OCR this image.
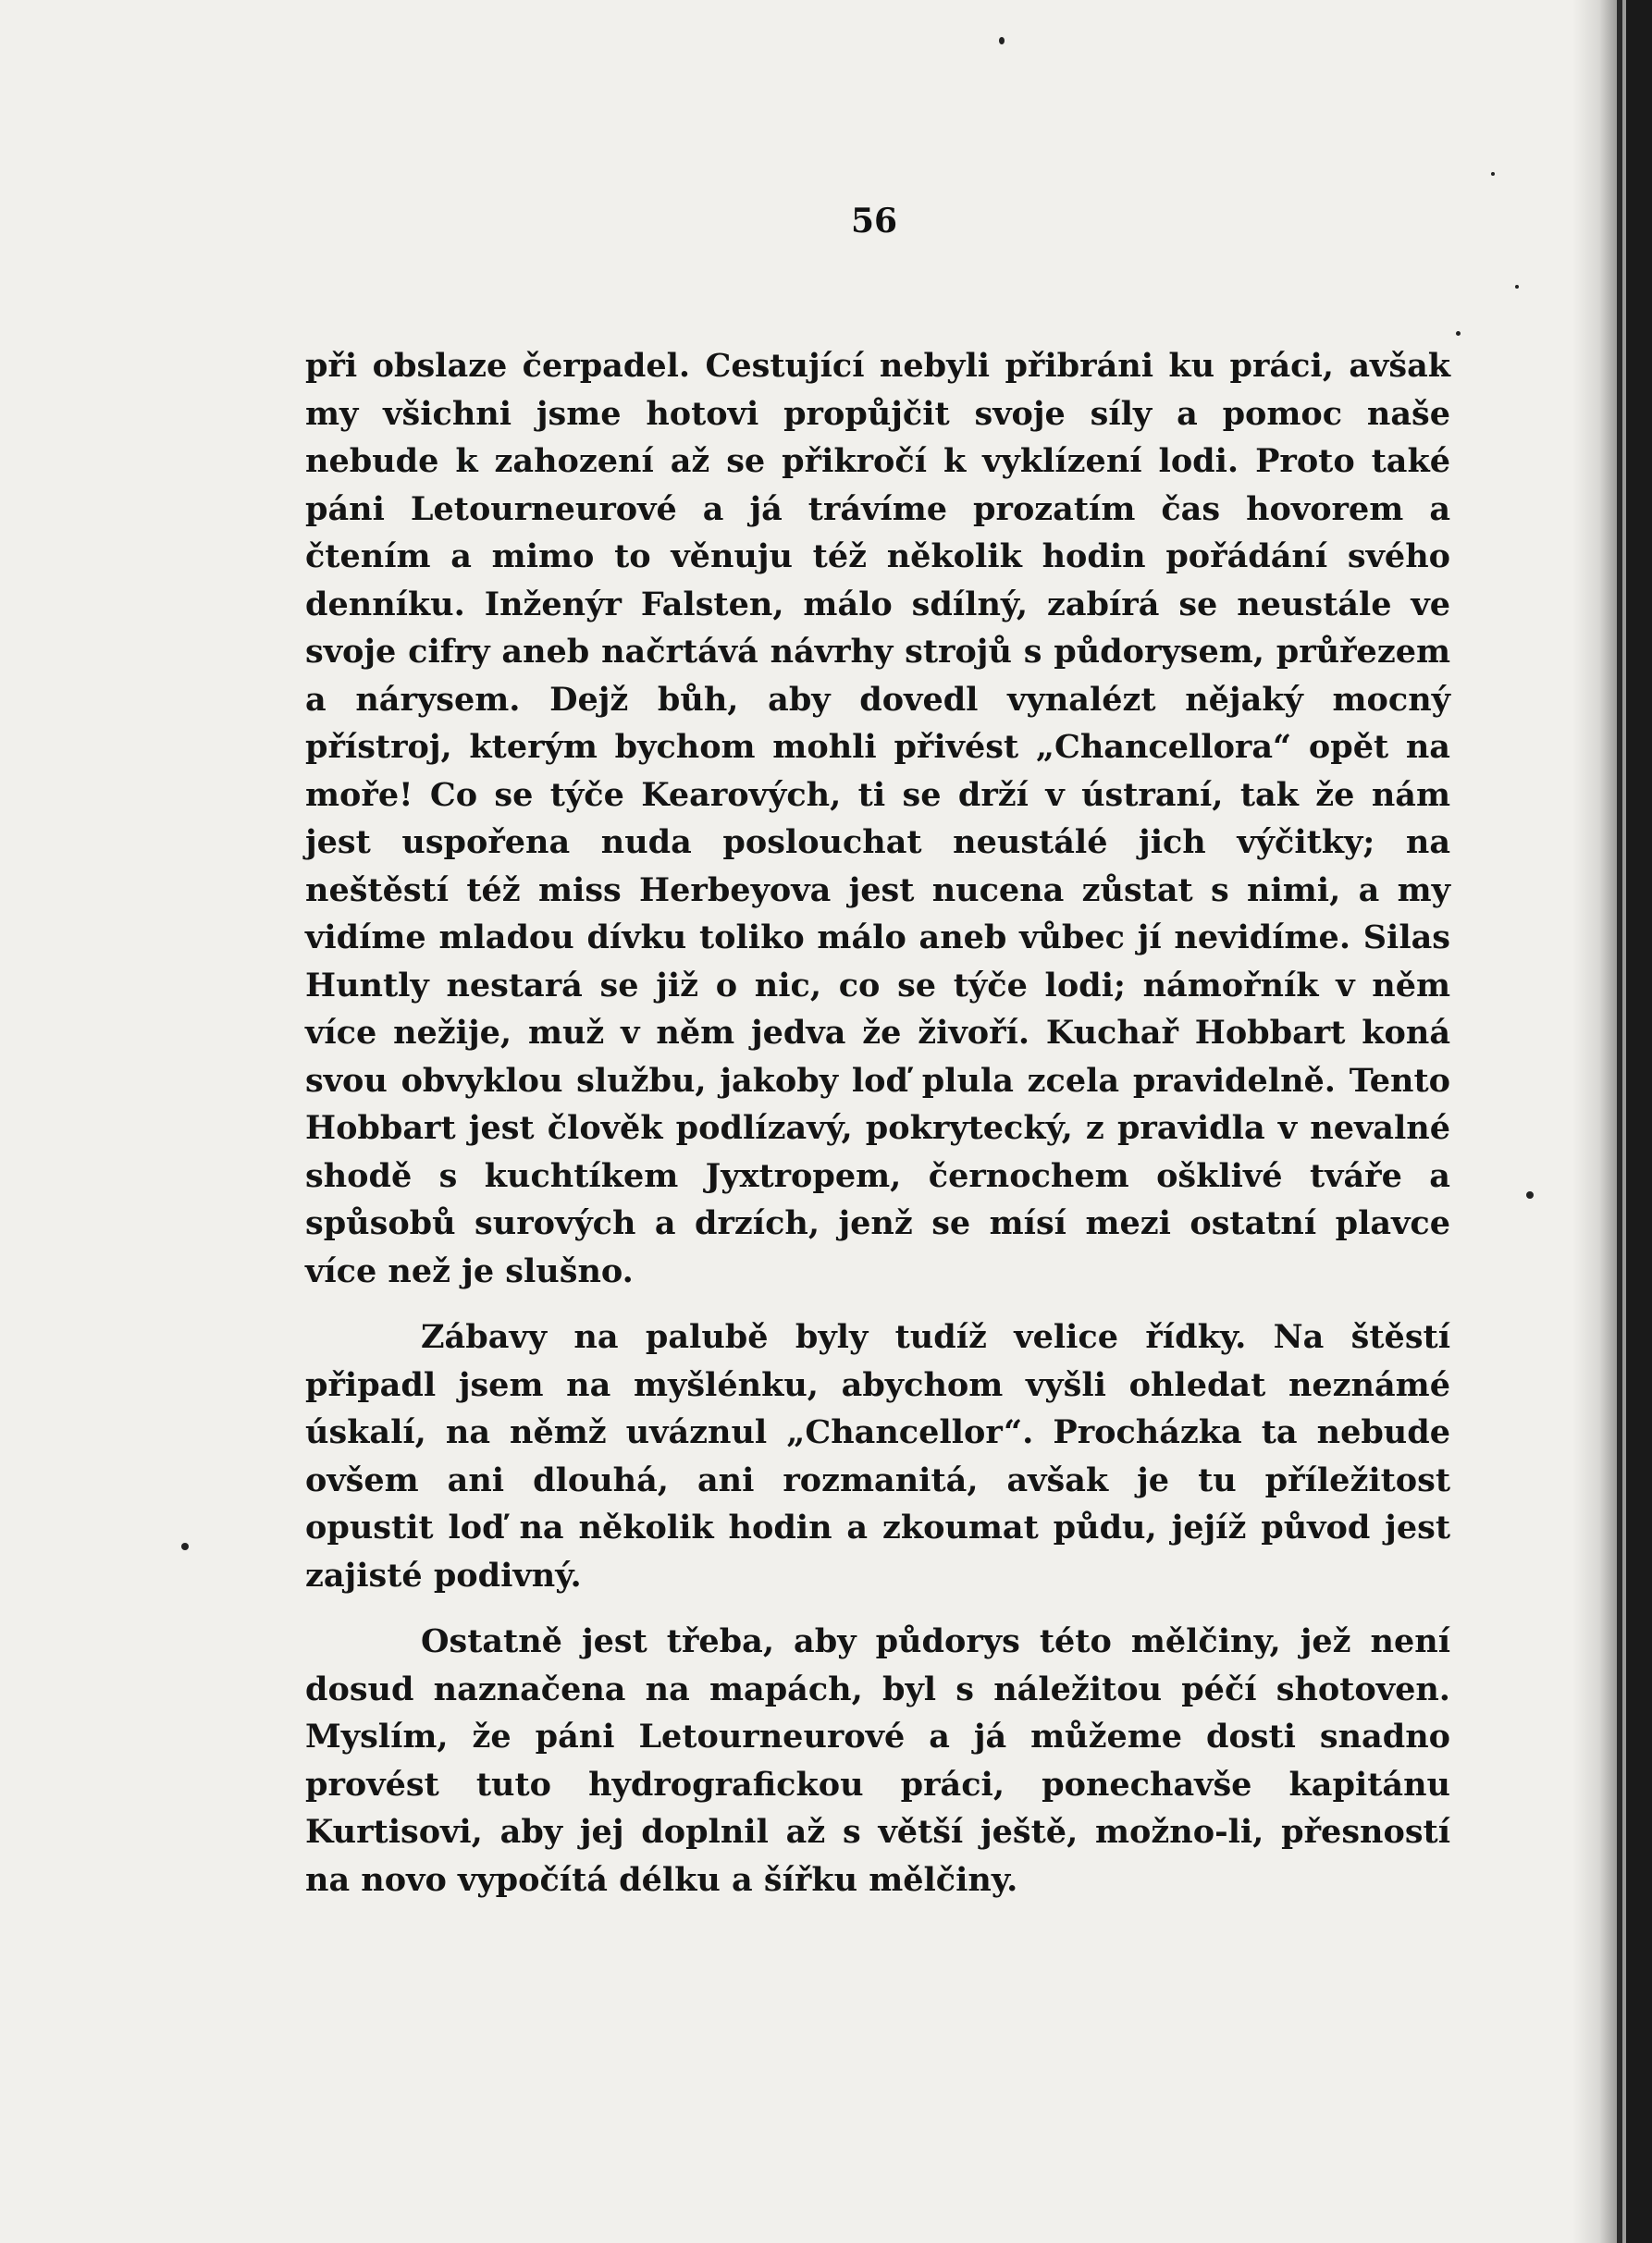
56

při obslaze čerpadel. Cestující nebyli přibráni ku práci, avšak my všichni jsme hotovi propůjčit svoje síly a pomoc naše nebude k zahození až se přikročí k vyklízení lodi. Proto také páni Letourneurové a já trávíme prozatím čas hovorem a čtením a mimo to věnuju též několik hodin pořádání svého denníku. Inženýr Falsten, málo sdílný, zabírá se neustále ve svoje cifry aneb načrtává návrhy strojů s půdorysem, průřezem a nárysem. Dejž bůh, aby dovedl vynalézt nějaký mocný přístroj, kterým bychom mohli přivést „Chancellora“ opět na moře! Co se týče Kearových, ti se drží v ústraní, tak že nám jest uspořena nuda poslouchat neustálé jich výčitky; na neštěstí též miss Herbeyova jest nucena zůstat s nimi, a my vidíme mladou dívku toliko málo aneb vůbec jí nevidíme. Silas Huntly nestará se již o nic, co se týče lodi; námořník v něm více nežije, muž v něm jedva že živoří. Kuchař Hobbart koná svou obvyklou službu, jakoby loď plula zcela pravidelně. Tento Hobbart jest člověk podlízavý, pokrytecký, z pravidla v nevalné shodě s kuchtíkem Jyxtropem, černochem ošklivé tváře a spůsobů surových a drzích, jenž se mísí mezi ostatní plavce více než je slušno.

Zábavy na palubě byly tudíž velice řídky. Na štěstí připadl jsem na myšlénku, abychom vyšli ohledat neznámé úskalí, na němž uváznul „Chancellor“. Procházka ta nebude ovšem ani dlouhá, ani rozmanitá, avšak je tu příležitost opustit loď na několik hodin a zkoumat půdu, jejíž původ jest zajisté podivný.

Ostatně jest třeba, aby půdorys této mělčiny, jež není dosud naznačena na mapách, byl s náležitou péčí shotoven. Myslím, že páni Letourneurové a já můžeme dosti snadno provést tuto hydrografickou práci, ponechavše kapitánu Kurtisovi, aby jej doplnil až s větší ještě, možno-li, přesností na novo vypočítá délku a šířku mělčiny.
